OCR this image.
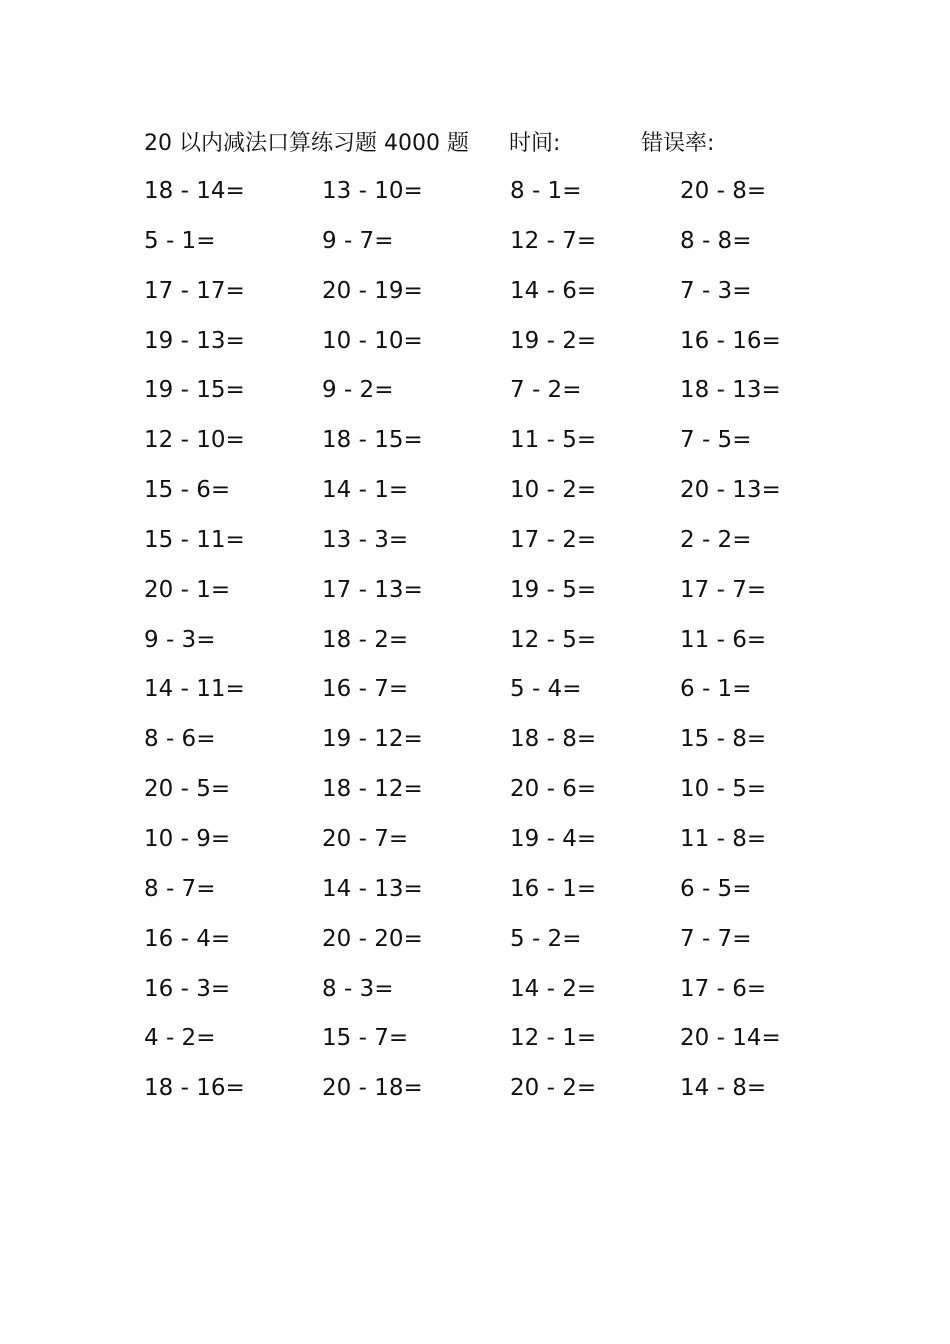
20 以内减法口算练习题 4000 题 时间:	错误率:
18 - 14=	13 - 10=	8 - 1=	20 - 8=
5 - 1=	9 - 7=	12 - 7=	8 - 8=
17 - 17=	20 - 19=	14 - 6=	7 - 3=
19 - 13=	10 - 10=	19 - 2=	16 - 16=
19 - 15=	9 - 2=	7 - 2=	18 - 13=
12 - 10=	18 - 15=	11 - 5=	7 - 5=
15 - 6=	14 - 1=	10 - 2=	20 - 13=
15 - 11=	13 - 3=	17 - 2=	2 - 2=
20 - 1=	17 - 13=	19 - 5=	17 - 7=
9 - 3=	18 - 2=	12 - 5=	11 - 6=
14 - 11=	16 - 7=	5 - 4=	6 - 1=
8 - 6=	19 - 12=	18 - 8=	15 - 8=
20 - 5=	18 - 12=	20 - 6=	10 - 5=
10 - 9=	20 - 7=	19 - 4=	11 - 8=
8 - 7=	14 - 13=	16 - 1=	6 - 5=
16 - 4=	20 - 20=	5 - 2=	7 - 7=
16 - 3=	8 - 3=	14 - 2=	17 - 6=
4 - 2=	15 - 7=	12 - 1=	20 - 14=
18 - 16=	20 - 18=	20 - 2=	14 - 8=
